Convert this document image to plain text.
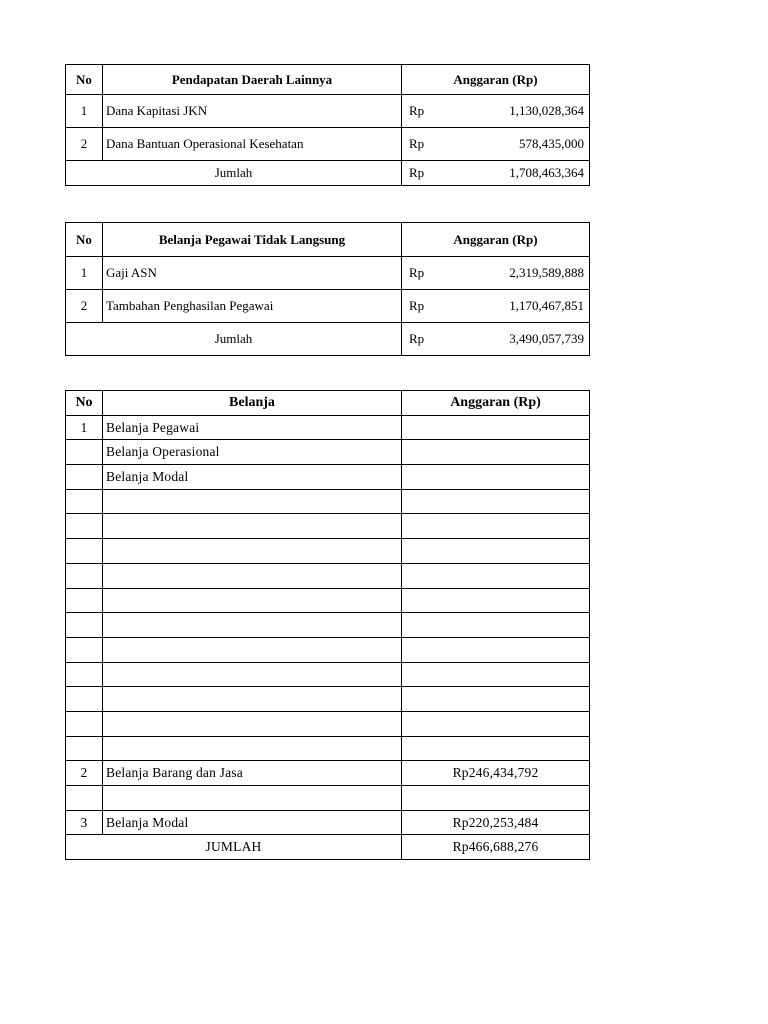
No	Pendapatan Daerah Lainnya	Anggaran (Rp)
1	Dana Kapitasi JKN	Rp 1,130,028,364

2	Dana Bantuan Operasional Kesehatan	Rp 578,435,000

Jumlah		Rp 1,708,463,364
No	Belanja Pegawai Tidak Langsung	Anggaran (Rp)
1	Gaji ASN	Rp 2,319,589,888

2	Tambahan Penghasilan Pegawai	Rp 1,170,467,851

Jumlah		Rp 3,490,057,739
No	Belanja	Anggaran (Rp)
1	Belanja Pegawai	
	Belanja Operasional	
	Belanja Modal	

2	Belanja Barang dan Jasa	Rp246,434,792

3	Belanja Modal	Rp220,253,484
JUMLAH		Rp466,688,276
